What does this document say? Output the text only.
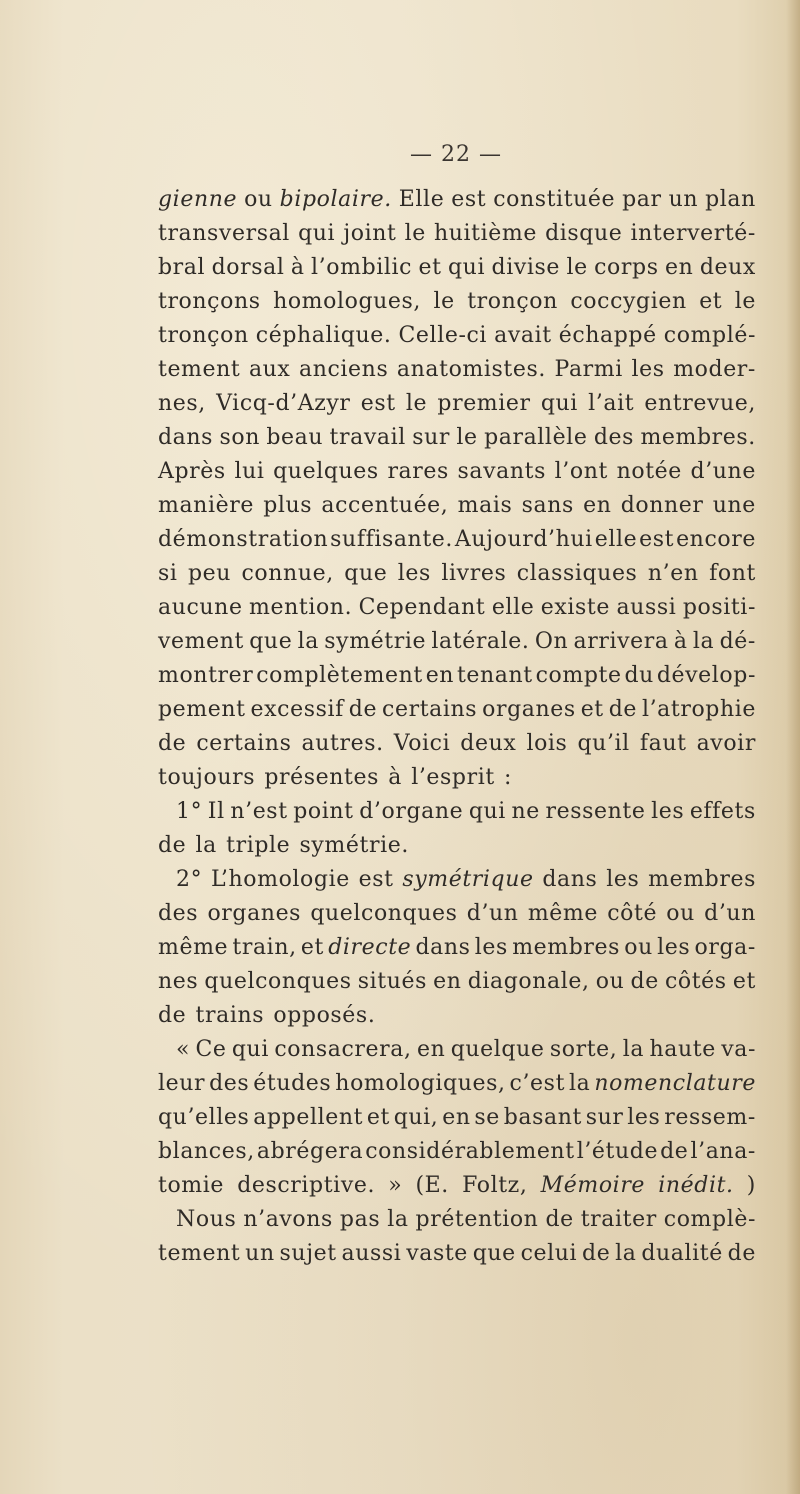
— 22 —
gienne ou bipolaire. Elle est constituée par un plan
transversal qui joint le huitième disque interverté-
bral dorsal à l’ombilic et qui divise le corps en deux
tronçons homologues, le tronçon coccygien et le
tronçon céphalique. Celle-ci avait échappé complé-
tement aux anciens anatomistes. Parmi les moder-
nes, Vicq-d’Azyr est le premier qui l’ait entrevue,
dans son beau travail sur le parallèle des membres.
Après lui quelques rares savants l’ont notée d’une
manière plus accentuée, mais sans en donner une
démonstration suffisante. Aujourd’hui elle est encore
si peu connue, que les livres classiques n’en font
aucune mention. Cependant elle existe aussi positi-
vement que la symétrie latérale. On arrivera à la dé-
montrer complètement en tenant compte du dévelop-
pement excessif de certains organes et de l’atrophie
de certains autres. Voici deux lois qu’il faut avoir
toujours présentes à l’esprit :
1° Il n’est point d’organe qui ne ressente les effets
de la triple symétrie.
2° L’homologie est symétrique dans les membres
des organes quelconques d’un même côté ou d’un
même train, et directe dans les membres ou les orga-
nes quelconques situés en diagonale, ou de côtés et
de trains opposés.
« Ce qui consacrera, en quelque sorte, la haute va-
leur des études homologiques, c’est la nomenclature
qu’elles appellent et qui, en se basant sur les ressem-
blances, abrégera considérablement l’étude de l’ana-
tomie descriptive. » (E. Foltz, Mémoire inédit. )
Nous n’avons pas la prétention de traiter complè-
tement un sujet aussi vaste que celui de la dualité de
